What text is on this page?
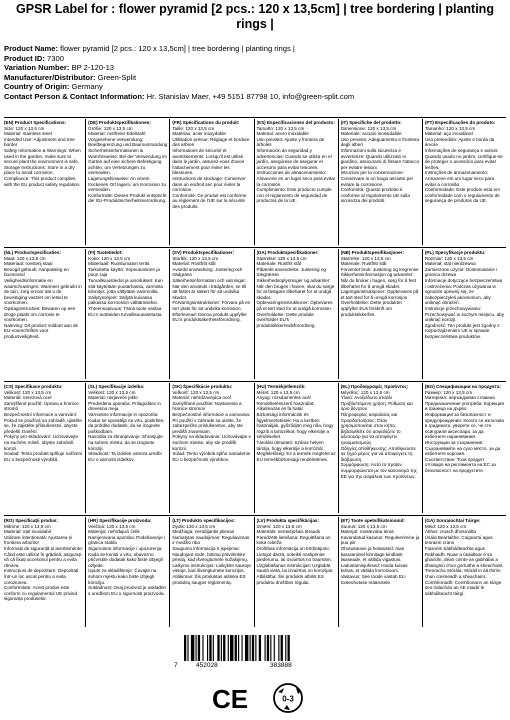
GPSR Label for : flower pyramid [2 pcs.: 120 x 13,5cm] | tree bordering | planting rings |
Product Name: flower pyramid [2 pcs.: 120 x 13,5cm] | tree bordering | planting rings |
Product ID: 7300
Variation Number: BP 2-120-13
Manufacturer/Distributor: Green-Split
Country of Origin: Germany
Contact Person & Contact Information: Hr. Stanislav Maer, +49 5151 87798 10, info@green-split.com
(EN) Product Specifications:
Size: 120 x 13.5 cm
Material: stainless steel
Intended Use: Adjustment and tree border
Safety Information & Warnings: When used in the garden, make sure to secure plant the environment is safe.
Storage Instructions: Store in a dry place to avoid corrosion.
Compliance: This product complies with the EU product safety regulation.
(DE) Produktspezifikationen:
Größe: 120 x 13,5 cm
Material: rostfreier Edelstahl
Vorgesehene Verwendung: Beetbegrenzung und Baumumrandung
Sicherheitsinformationen & Warnhinweise: Bei der Verwendung im Garten auf eine sichere Befestigung achten, um Verletzungen zu vermeiden.
Lagerungshinweise: An einem trockenen Ort lagern, um Korrosion zu vermeiden.
Konformität: Dieses Produkt entspricht der EU-Produktsicherheitsverordnung.
(FR) Spécifications du produit:
Taille: 120 x 13,5 cm
Matériau: acier inoxydable
Utilisation prévue: Réglage et bordure des arbres
Informations de sécurité et avertissements: Lorsqu'il est utilisé dans le jardin, assurez-vous d'avoir l'attachement pour éviter les blessures.
Instructions de stockage: Conserver dans un endroit sec pour éviter la corrosion.
Conformité: Ce produit est conforme au règlement de l'UE sur la sécurité des produits.
(ES) Especificaciones del producto:
Tamaño: 120 x 13,5 cm
Material: acero inoxidable
Uso previsto: Ajuste y frontera de árboles
Información de seguridad y advertencias: Cuando se utiliza en el jardín, asegúrese de asegurar el accesorio para evitar lesiones.
Instrucciones de almacenamiento: Almacene en un lugar seco para evitar la corrosión.
Cumplimiento: Este producto cumple con el reglamento de seguridad de productos de la UE.
(IT) Specifiche del prodotto:
Dimensione: 120 x 13,5 cm
Materiale: acciaio inossidabile
Uso previsto: Adeguamento e frontiera degli alberi
Informazioni sulla sicurezza e avvertenze: Quando utilizzato in giardino, assicurarsi di fissare l'attacco per evitare lesioni.
Istruzioni per la conservazione: Conservare in un luogo asciutto per evitare la corrosione.
Conformità: Questo prodotto è conforme al regolamento UE sulla sicurezza dei prodotti.
(PT) Especificações do produto:
Tamanho: 120 x 13,5 cm
Material: aço inoxidável
Uso pretendido: Ajuste e borda da árvore
Informações de segurança e avisos: Quando usado no jardim, certifique-se de proteger o acessório para evitar lesões.
Instruções de armazenamento: Armazene em um lugar seco para evitar a corrosão.
Conformidade: Este produto está em conformidade com o regulamento de segurança de produtos da UE.
(NL) Productspecificaties:
Maat: 120 x 13,5 cm
Materiaal: roestvrij staal
Beoogd gebruik: Aanpassing en boomrand
Veiligheidsinformatie en waarschuwingen: Wanneer gebruikt in de tuin, zorg ervoor dat u de bevestiging vastzet om letsel te voorkomen.
Opslaginstructies: Bewaren op een droge plaats om corrosie te voorkomen.
Naleving: Dit product voldoet aan de EU-voorschriften voor productveiligheid.
(FI) Tuotetiedot:
Koko: 120 x 13,5 cm
Materiaali: Ruostumaton teräs
Tarkoitettu käyttö: Sopeutuminen ja puun raja
Turvallisuustiedot ja varoitukset: Kun sitä käytetään puutarhassa, varmista kiinnitys, jotta vältytään vammoilta.
Säilytysohjeet: Säilytä kuivassa paikassa korroosion välttämiseksi.
Yhteensopivuus: Tämä tuote vastaa EU:n tuotteiden turvallisuusasetusta.
(SV) Produktspecifikationer:
Storlek: 120 x 13,5 cm
Material: Rostfritt stål
Avsedd användning: Justering och trädgräns
Säkerhetsinformation och varningar: När den används i trädgården, se till att fästet är säkert för att undvika skador.
Förvaringsinstruktioner: Förvara på en torr plats för att undvika korrosion.
Efterlevnad: Denna produkt uppfyller EU:s produktsäkerhetsförordning.
(DA) Produktspecifikationer:
Størrelse: 120 x 13,5 cm
Materiale: Rustfrit stål
Påtænkt anvendelse: Justering og trægrænse
Sikkerhedsoplysninger og advarsler: Når den bruges i haven, skal du sørge for at fastgøre tilbehøret for at undgå skader.
Opbevaringsinstruktioner: Opbevares på et tørt sted for at undgå korrosion.
Overholdelse: Dette produkt overholder EU's produktsikkerhedsforordning.
(NB) Produktspesifikasjoner:
Størrelse: 120 x 13,5 cm
Materiale: Rustfritt stål
Forventet bruk: Justering og tregrense
Sikkerhetsinformasjon og advarsler: Når du bruker i hagen, sørg for å fest tilbehøret for å unngå skader.
Lagringsinstruksjoner: Oppbevares på et tørt sted for å unngå korrosjon.
Overholdelse: Dette produktet oppfyller EUs forskrift om produktsikkerhet.
(PL) Specyfikacje produktu:
Rozmiar: 120 x 13,5 cm
Materiał: stal nierdzewna
Zamierzone użycie: Dostosowanie i granica drzewa
Informacje dotyczące bezpieczeństwa i ostrzeżenia: Podczas używania w ogrodzie upewnij się, że zabezpieczyłeś akcesorium, aby uniknąć obrażeń.
Instrukcje przechowywania: Przechowywać w suchym miejscu, aby uniknąć korozji.
Zgodność: Ten produkt jest zgodny z rozporządzeniem UE w sprawie bezpieczeństwa produktów.
(CS) Specifikace produktu:
Velikost: 120 x 13,5 cm
Materiál: nerezová ocel
Zamýšlené použití: Úprava a hranice stromů
Bezpečnostní informace a varování: Pokud se používá na zahradě, ujistěte se, že zajistěte příslušenství, abyste předešli zranění.
Pokyny pro skladování: Uchovávejte na suchém místě, abyste zabránili korozi.
Soulad: Tento produkt splňuje nařízení EU o bezpečnosti výrobků.
(SL) Specifikacije izdelka:
Velikost: 120 x 13,5 cm
Material: nerjaveče jeklo
Predvidena uporaba: Prilagoditev in drevesna meja
Varnostne informacije in opozorila: Kadar se uporablja na vrtu, poskrbite, da pritrdite dodatek, da se izognete poškodbam.
Navodila za shranjevanje: Shranjujte na suhem mestu, da se izognete koroziji.
Skladnost: Ta izdelek ustreza uredbi EU o varnosti izdelkov.
(SK) Špecifikácie produktu:
Veľkosť: 120 x 13,5 cm
Materiál: nehrdzavejúca oceľ
Zamýšľané použitie: Nastavenie a hranice stromov
Bezpečnostné informácie a varovania: Pri použití v záhrade sa uistite, že zabezpečíte príslušenstvo, aby ste predišli zraneniam.
Pokyny na skladovanie: Uchovávajte v suchom mieste, aby ste predišli korózii.
Súlad: Tento výrobok spĺňa nariadenie EÚ o bezpečnosti výrobkov.
(HU) Termékjellemzők:
Méret: 120 x 13,5 cm
Anyag: rozsdamentes acél
Rendeltetésszerű használat: Alkalmazás és fa határ
Biztonsági információk és figyelmeztetések: Ha a kertben használják, győződjön meg róla, hogy rögzíti a tartozékot, hogy elkerülje a sérüléseket.
Tárolási útmutató: Száraz helyen tárolja, hogy elkerülje a korróziót.
Megfelelőség: Ez a termék megfelel az EU termékbiztonsági rendeletének.
(EL) Προδιαγραφές προϊόντος:
Μέγεθος: 120 x 13,5 cm
Υλικό: Ανοξείδωτο ατσάλι
Προβλεπόμενη χρήση: Ρύθμιση και όριο δέντρου
Πληροφορίες ασφαλείας και προειδοποιήσεις: Όταν χρησιμοποιείται στον κήπο, βεβαιωθείτε ότι ασφαλίζετε το αξεσουάρ για να αποφύγετε τραυματισμούς.
Οδηγίες αποθήκευσης: Αποθηκεύστε σε ξηρό μέρος για να αποφύγετε τη διάβρωση.
Συμμόρφωση: Αυτό το προϊόν συμμορφώνεται με τον κανονισμό της ΕΕ για την ασφάλεια των προϊόντων.
(BG) Спецификации на продукта:
Размер: 120 x 13,5 cm
Материал: неръждаема стомана
Предназначение употреба: Корекция и граница на дърво
Информация за безопасност и предупреждения: Когато се използва в градината, уверете се, че сте осигурили аксесоара, за да избегнете наранявания.
Инструкции за съхранение: Съхранявайте на сухо място, за да избегнете корозия.
Съответствие: Този продукт отговаря на регламента на ЕС за безопасност на продуктите.
(RO) Specificații produs:
Mărime: 120 x 13,5 cm
Material: oțel inoxidabil
Utilizare intenționată: Ajustarea și frontiera arborilor
Informații de siguranță și avertismente: Când este utilizat în grădină, asigurați-vă că fixați accesoriul pentru a evita rănirea.
Instrucțiuni de depozitare: Depozitați într-un loc uscat pentru a evita coroziunea.
Conformitate: Acest produs este conform cu regulamentul UE privind siguranța produselor.
(HR) Specifikacije proizvoda:
Veličina: 120 x 13,5 cm
Materijal: nehrđajući čelik
Namjeravana uporaba: Podešavanje i granica stabla
Sigurnosne informacije i upozorenja: Kada se koristi u vrtu, obavezno pričvrstite dodatak kako biste izbjegli ozljede.
Upute za skladištenje: Čuvajte na suhom mjestu kako biste izbjegli koroziju.
Sukladnost: Ovaj proizvod je usklađen s uredbom EU o sigurnosti proizvoda.
(LT) Produkto specifikacijos:
Dydis: 120 x 13,5 cm
Medžiaga: nerūdijantis plienas
Numatytas naudojimas: Reguliavimas ir medžio riba
Saugumo informacija ir įspėjimai: Naudojant sode, būtinai pritvirtinkite priedą, kad išvengtumėte sužalojimų.
Laikymo instrukcijos: Laikykite sausoje vietoje, kad išvengtumėte korozijos.
Atitikimas: Šis produktas atitinka ES produktų saugos reglamentą.
(LV) Produkta specifikācijas:
Izmērs: 120 x 13,5 cm
Materiāls: nerūsējošais tērauds
Paredzētā lietošana: Regulēšana un koka robeža
Drošības informācija un brīdinājumi: Lietojot dārzā, noteikti nostipriniet piederumu, lai izvairītos no traumām.
Uzglabāšanas instrukcijas: Uzglabāt sausā vietā, lai izvairītos no korozijas.
Atbilstība: Šis produkts atbilst ES produktu drošības regulai.
(ET) Toote spetsifikatsioonid:
Suurus: 120 x 13,5 cm
Materjal: roostevaba teras
Kavandatud kasutus: Reguleerimine ja puu piir
Ohutusteave ja hoiatused: Aias kasutamisel kinnitage kindlasti lisaseade, et vältida vigastusi.
Ladustamisjuhised: Hoida kuivas kohas, et vältida korrosiooni.
Vastavus: See toode vastab ELi tooteohutuse määrusele.
(GA) Sonraíochtaí Táirge:
Méid: 120 x 13,5 cm
Ábhar: cruach dhosmálta
Úsáid Beartaithe: Coigeartú agus teorainn crann
Faisnéis Sábháilteachta agus Rabhaidh: Nuair a úsáidtear é sa ghairdín, déan cinnte an gabhálas a dhaingniú chun gortuithe a sheachaint.
Treoracha Stórála: Stóráil in áit thirim chun creimeadh a sheachaint.
Comhlíonadh: Comhlíonann an táirge seo rialachán an AE maidir le sábháilteacht táirgí.
7	452028	383888
CE	0-3
